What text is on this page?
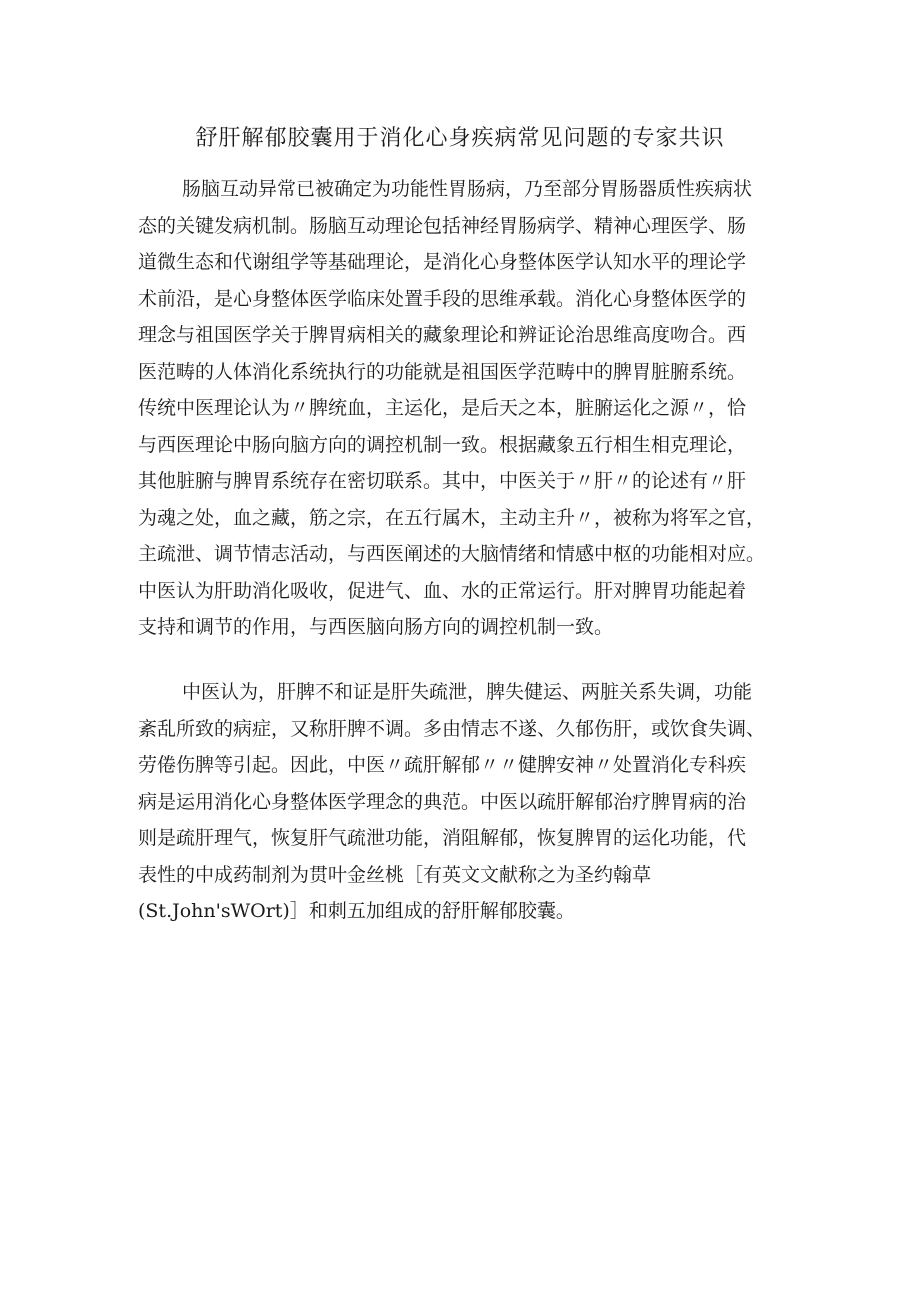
舒肝解郁胶囊用于消化心身疾病常见问题的专家共识
肠脑互动异常已被确定为功能性胃肠病，乃至部分胃肠器质性疾病状
态的关键发病机制。肠脑互动理论包括神经胃肠病学、精神心理医学、肠
道微生态和代谢组学等基础理论，是消化心身整体医学认知水平的理论学
术前沿，是心身整体医学临床处置手段的思维承载。消化心身整体医学的
理念与祖国医学关于脾胃病相关的藏象理论和辨证论治思维高度吻合。西
医范畴的人体消化系统执行的功能就是祖国医学范畴中的脾胃脏腑系统。
传统中医理论认为〃脾统血，主运化，是后天之本，脏腑运化之源〃，恰
与西医理论中肠向脑方向的调控机制一致。根据藏象五行相生相克理论，
其他脏腑与脾胃系统存在密切联系。其中，中医关于〃肝〃的论述有〃肝
为魂之处，血之藏，筋之宗，在五行属木，主动主升〃，被称为将军之官，
主疏泄、调节情志活动，与西医阐述的大脑情绪和情感中枢的功能相对应。
中医认为肝助消化吸收，促进气、血、水的正常运行。肝对脾胃功能起着
支持和调节的作用，与西医脑向肠方向的调控机制一致。
中医认为，肝脾不和证是肝失疏泄，脾失健运、两脏关系失调，功能
紊乱所致的病症，又称肝脾不调。多由情志不遂、久郁伤肝，或饮食失调、
劳倦伤脾等引起。因此，中医〃疏肝解郁〃〃健脾安神〃处置消化专科疾
病是运用消化心身整体医学理念的典范。中医以疏肝解郁治疗脾胃病的治
则是疏肝理气，恢复肝气疏泄功能，消阻解郁，恢复脾胃的运化功能，代
表性的中成药制剂为贯叶金丝桃［有英文文献称之为圣约翰草
(St.John'sWOrt)］和刺五加组成的舒肝解郁胶囊。
